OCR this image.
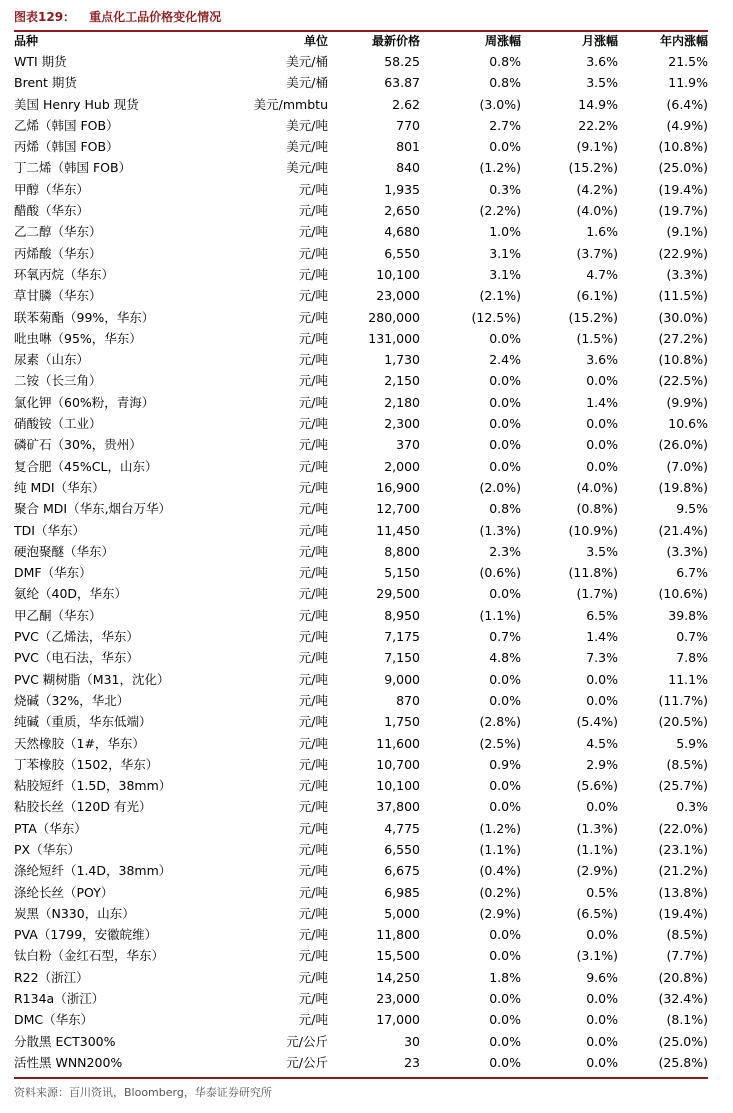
图表129： 重点化工品价格变化情况
品种	单位	最新价格	周涨幅	月涨幅	年内涨幅
WTI 期货	美元/桶	58.25	0.8%	3.6%	21.5%
Brent 期货	美元/桶	63.87	0.8%	3.5%	11.9%
美国 Henry Hub 现货	美元/mmbtu	2.62	(3.0%)	14.9%	(6.4%)
乙烯（韩国 FOB）	美元/吨	770	2.7%	22.2%	(4.9%)
丙烯（韩国 FOB）	美元/吨	801	0.0%	(9.1%)	(10.8%)
丁二烯（韩国 FOB）	美元/吨	840	(1.2%)	(15.2%)	(25.0%)
甲醇（华东）	元/吨	1,935	0.3%	(4.2%)	(19.4%)
醋酸（华东）	元/吨	2,650	(2.2%)	(4.0%)	(19.7%)
乙二醇（华东）	元/吨	4,680	1.0%	1.6%	(9.1%)
丙烯酸（华东）	元/吨	6,550	3.1%	(3.7%)	(22.9%)
环氧丙烷（华东）	元/吨	10,100	3.1%	4.7%	(3.3%)
草甘膦（华东）	元/吨	23,000	(2.1%)	(6.1%)	(11.5%)
联苯菊酯（99%，华东）	元/吨	280,000	(12.5%)	(15.2%)	(30.0%)
吡虫啉（95%，华东）	元/吨	131,000	0.0%	(1.5%)	(27.2%)
尿素（山东）	元/吨	1,730	2.4%	3.6%	(10.8%)
二铵（长三角）	元/吨	2,150	0.0%	0.0%	(22.5%)
氯化钾（60%粉，青海）	元/吨	2,180	0.0%	1.4%	(9.9%)
硝酸铵（工业）	元/吨	2,300	0.0%	0.0%	10.6%
磷矿石（30%，贵州）	元/吨	370	0.0%	0.0%	(26.0%)
复合肥（45%CL，山东）	元/吨	2,000	0.0%	0.0%	(7.0%)
纯 MDI（华东）	元/吨	16,900	(2.0%)	(4.0%)	(19.8%)
聚合 MDI（华东,烟台万华）	元/吨	12,700	0.8%	(0.8%)	9.5%
TDI（华东）	元/吨	11,450	(1.3%)	(10.9%)	(21.4%)
硬泡聚醚（华东）	元/吨	8,800	2.3%	3.5%	(3.3%)
DMF（华东）	元/吨	5,150	(0.6%)	(11.8%)	6.7%
氨纶（40D，华东）	元/吨	29,500	0.0%	(1.7%)	(10.6%)
甲乙酮（华东）	元/吨	8,950	(1.1%)	6.5%	39.8%
PVC（乙烯法，华东）	元/吨	7,175	0.7%	1.4%	0.7%
PVC（电石法，华东）	元/吨	7,150	4.8%	7.3%	7.8%
PVC 糊树脂（M31，沈化）	元/吨	9,000	0.0%	0.0%	11.1%
烧碱（32%，华北）	元/吨	870	0.0%	0.0%	(11.7%)
纯碱（重质，华东低端）	元/吨	1,750	(2.8%)	(5.4%)	(20.5%)
天然橡胶（1#，华东）	元/吨	11,600	(2.5%)	4.5%	5.9%
丁苯橡胶（1502，华东）	元/吨	10,700	0.9%	2.9%	(8.5%)
粘胶短纤（1.5D，38mm）	元/吨	10,100	0.0%	(5.6%)	(25.7%)
粘胶长丝（120D 有光）	元/吨	37,800	0.0%	0.0%	0.3%
PTA（华东）	元/吨	4,775	(1.2%)	(1.3%)	(22.0%)
PX（华东）	元/吨	6,550	(1.1%)	(1.1%)	(23.1%)
涤纶短纤（1.4D，38mm）	元/吨	6,675	(0.4%)	(2.9%)	(21.2%)
涤纶长丝（POY）	元/吨	6,985	(0.2%)	0.5%	(13.8%)
炭黑（N330，山东）	元/吨	5,000	(2.9%)	(6.5%)	(19.4%)
PVA（1799，安徽皖维）	元/吨	11,800	0.0%	0.0%	(8.5%)
钛白粉（金红石型，华东）	元/吨	15,500	0.0%	(3.1%)	(7.7%)
R22（浙江）	元/吨	14,250	1.8%	9.6%	(20.8%)
R134a（浙江）	元/吨	23,000	0.0%	0.0%	(32.4%)
DMC（华东）	元/吨	17,000	0.0%	0.0%	(8.1%)
分散黑 ECT300%	元/公斤	30	0.0%	0.0%	(25.0%)
活性黑 WNN200%	元/公斤	23	0.0%	0.0%	(25.8%)
资料来源：百川资讯，Bloomberg，华泰证券研究所
